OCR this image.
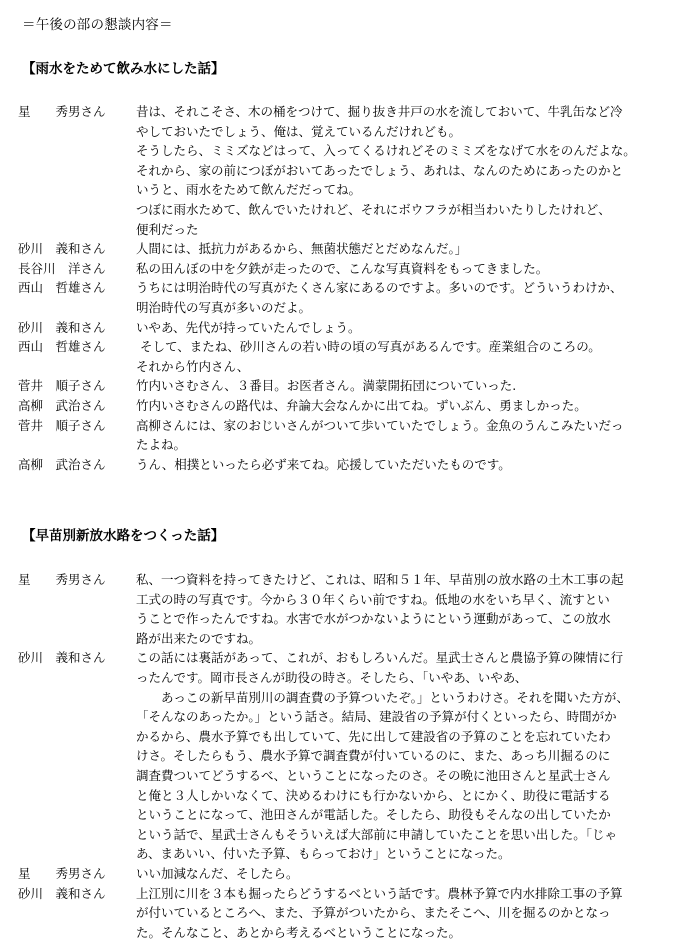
＝午後の部の懇談内容＝
【雨水をためて飲み水にした話】
星　　秀男さん	昔は、それこそさ、木の桶をつけて、掘り抜き井戸の水を流しておいて、牛乳缶など冷
やしておいたでしょう、俺は、覚えているんだけれども。
そうしたら、ミミズなどはって、入ってくるけれどそのミミズをなげて水をのんだよな。
それから、家の前につぼがおいてあったでしょう、あれは、なんのためにあったのかと
いうと、雨水をためて飲んだだってね。
つぼに雨水ためて、飲んでいたけれど、それにボウフラが相当わいたりしたけれど、
便利だった
砂川　義和さん	人間には、抵抗力があるから、無菌状態だとだめなんだ。」
長谷川　洋さん	私の田んぼの中を夕鉄が走ったので、こんな写真資料をもってきました。
西山　哲雄さん	うちには明治時代の写真がたくさん家にあるのですよ。多いのです。どういうわけか、
明治時代の写真が多いのだよ。
砂川　義和さん	いやあ、先代が持っていたんでしょう。
西山　哲雄さん	そして、またね、砂川さんの若い時の頃の写真があるんです。産業組合のころの。
それから竹内さん、
菅井　順子さん	竹内いさむさん、３番目。お医者さん。満蒙開拓団についていった.
高柳　武治さん	竹内いさむさんの路代は、弁論大会なんかに出てね。ずいぶん、勇ましかった。
菅井　順子さん	高柳さんには、家のおじいさんがついて歩いていたでしょう。金魚のうんこみたいだっ
たよね。
高柳　武治さん	うん、相撲といったら必ず来てね。応援していただいたものです。
【早苗別新放水路をつくった話】
星　　秀男さん	私、一つ資料を持ってきたけど、これは、昭和５１年、早苗別の放水路の土木工事の起
工式の時の写真です。今から３０年くらい前ですね。低地の水をいち早く、流すとい
うことで作ったんですね。水害で水がつかないようにという運動があって、この放水
路が出来たのですね。
砂川　義和さん	この話には裏話があって、これが、おもしろいんだ。星武士さんと農協予算の陳情に行
ったんです。岡市長さんが助役の時さ。そしたら、「いやあ、いやあ、
　　あっこの新早苗別川の調査費の予算ついたぞ。」というわけさ。それを聞いた方が、
「そんなのあったか。」という話さ。結局、建設省の予算が付くといったら、時間がか
かるから、農水予算でも出していて、先に出して建設省の予算のことを忘れていたわ
けさ。そしたらもう、農水予算で調査費が付いているのに、また、あっち川掘るのに
調査費ついてどうするべ、ということになったのさ。その晩に池田さんと星武士さん
と俺と３人しかいなくて、決めるわけにも行かないから、とにかく、助役に電話する
ということになって、池田さんが電話した。そしたら、助役もそんなの出していたか
という話で、星武士さんもそういえば大部前に申請していたことを思い出した。「じゃ
あ、まあいい、付いた予算、もらっておけ」ということになった。
星　　秀男さん	いい加減なんだ、そしたら。
砂川　義和さん	上江別に川を３本も掘ったらどうするべという話です。農林予算で内水排除工事の予算
が付いているところへ、また、予算がついたから、またそこへ、川を掘るのかとなっ
た。そんなこと、あとから考えるべということになった。
